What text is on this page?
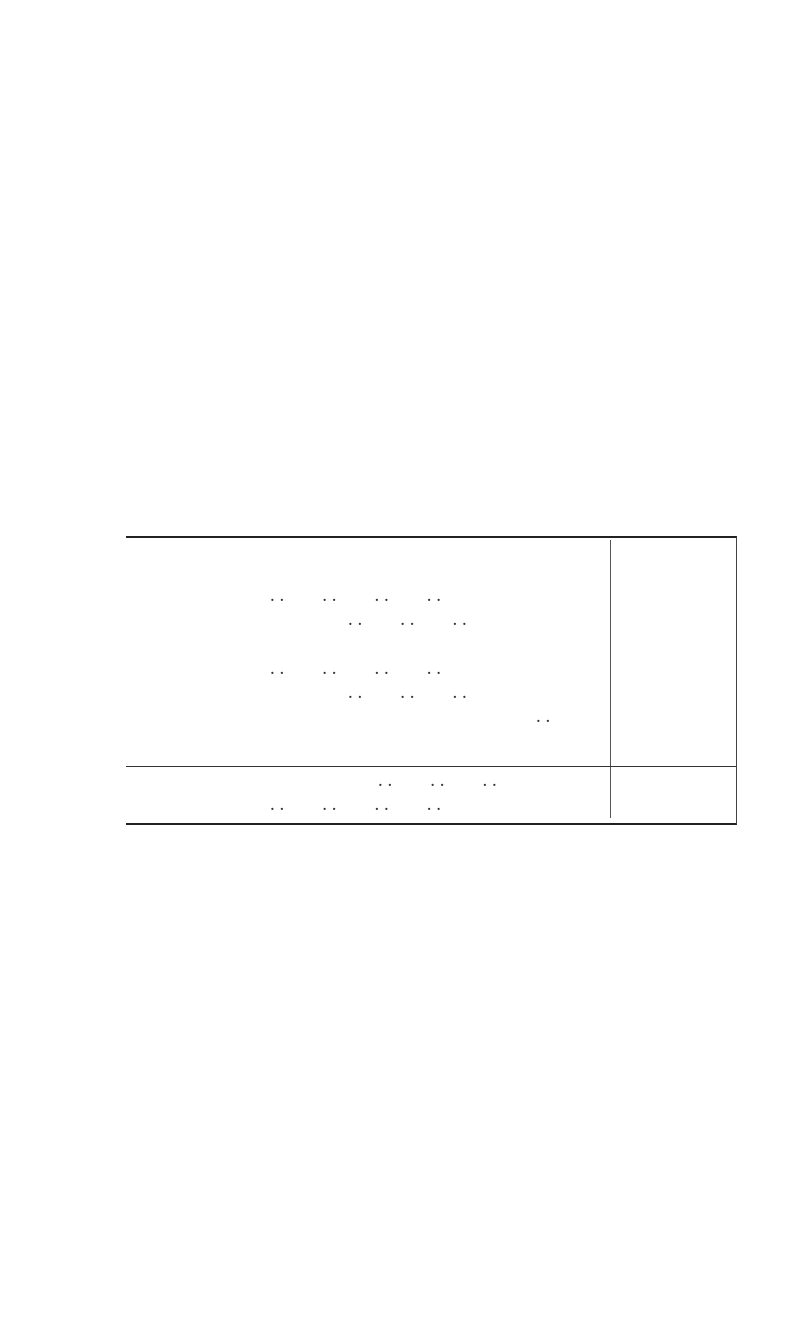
. .        . .        . .        . .
. .        . .        . .
. .        . .        . .        . .
. .        . .        . .
. .
. .        . .        . .
. .        . .        . .        . .
